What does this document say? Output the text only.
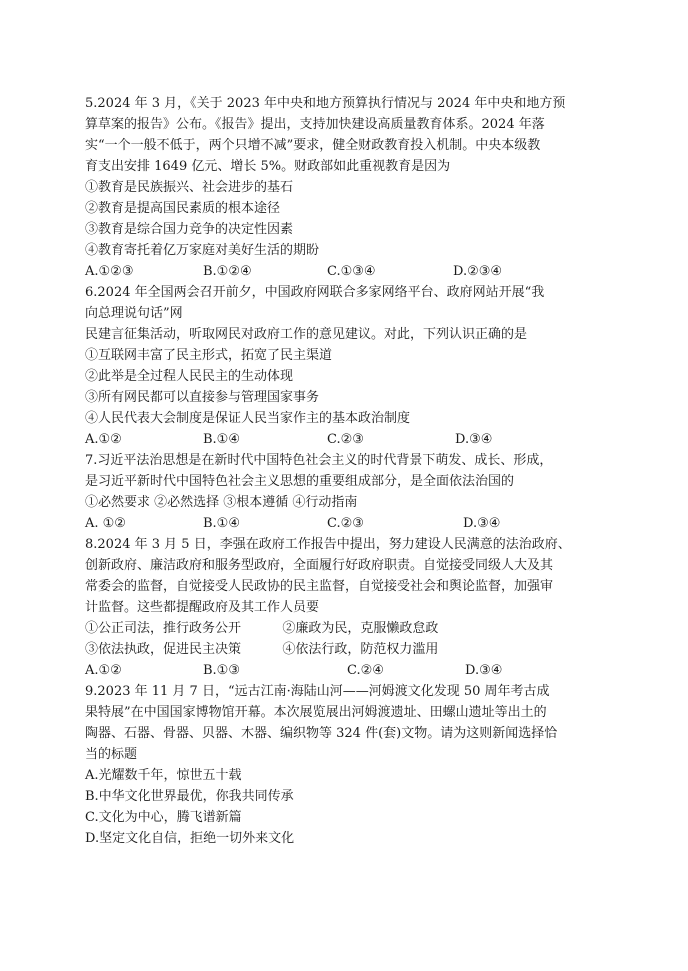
5.2024 年 3 月，《关于 2023 年中央和地方预算执行情况与 2024 年中央和地方预
算草案的报告》公布。《报告》提出，支持加快建设高质量教育体系。2024 年落
实“一个一般不低于，两个只增不减”要求，健全财政教育投入机制。中央本级教
育支出安排 1649 亿元、增长 5%。财政部如此重视教育是因为
①教育是民族振兴、社会进步的基石
②教育是提高国民素质的根本途径
③教育是综合国力竞争的决定性因素
④教育寄托着亿万家庭对美好生活的期盼
A.①②③	B.①②④	C.①③④	D.②③④
6.2024 年全国两会召开前夕，中国政府网联合多家网络平台、政府网站开展“我
向总理说句话”网
民建言征集活动，听取网民对政府工作的意见建议。对此，下列认识正确的是
①互联网丰富了民主形式，拓宽了民主渠道
②此举是全过程人民民主的生动体现
③所有网民都可以直接参与管理国家事务
④人民代表大会制度是保证人民当家作主的基本政治制度
A.①②	B.①④	C.②③	D.③④
7.习近平法治思想是在新时代中国特色社会主义的时代背景下萌发、成长、形成，
是习近平新时代中国特色社会主义思想的重要组成部分，是全面依法治国的
①必然要求 ②必然选择 ③根本遵循 ④行动指南
A. ①②	B.①④	C.②③	D.③④
8.2024 年 3 月 5 日，李强在政府工作报告中提出，努力建设人民满意的法治政府、
创新政府、廉洁政府和服务型政府，全面履行好政府职责。自觉接受同级人大及其
常委会的监督，自觉接受人民政协的民主监督，自觉接受社会和舆论监督，加强审
计监督。这些都提醒政府及其工作人员要
①公正司法，推行政务公开          ②廉政为民，克服懒政怠政
③依法执政，促进民主决策          ④依法行政，防范权力滥用
A.①②	B.①③	C.②④	D.③④
9.2023 年 11 月 7 日，“远古江南·海陆山河——河姆渡文化发现 50 周年考古成
果特展”在中国国家博物馆开幕。本次展览展出河姆渡遗址、田螺山遗址等出土的
陶器、石器、骨器、贝器、木器、编织物等 324 件(套)文物。请为这则新闻选择恰
当的标题
A.光耀数千年，惊世五十载
B.中华文化世界最优，你我共同传承
C.文化为中心，腾飞谱新篇
D.坚定文化自信，拒绝一切外来文化
